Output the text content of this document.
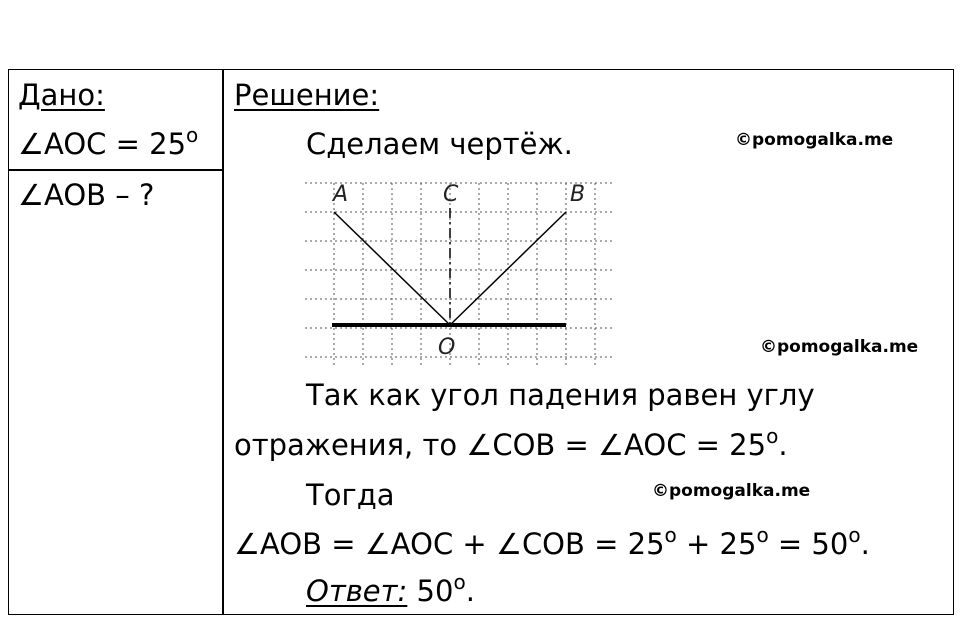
Дано:
∠AOC = $25^o$
∠AOB – ?
Решение:
Сделаем чертёж.
A	C	B
O
Так как угол падения равен углу
отражения, то ∠COB = ∠AOC = $25^o$.
Тогда
∠AOB = ∠AOC + ∠COB = $25^o + 25^o = 50^o$.
Ответ: 50$^o$.
©pomogalka.me
©pomogalka.me
©pomogalka.me
